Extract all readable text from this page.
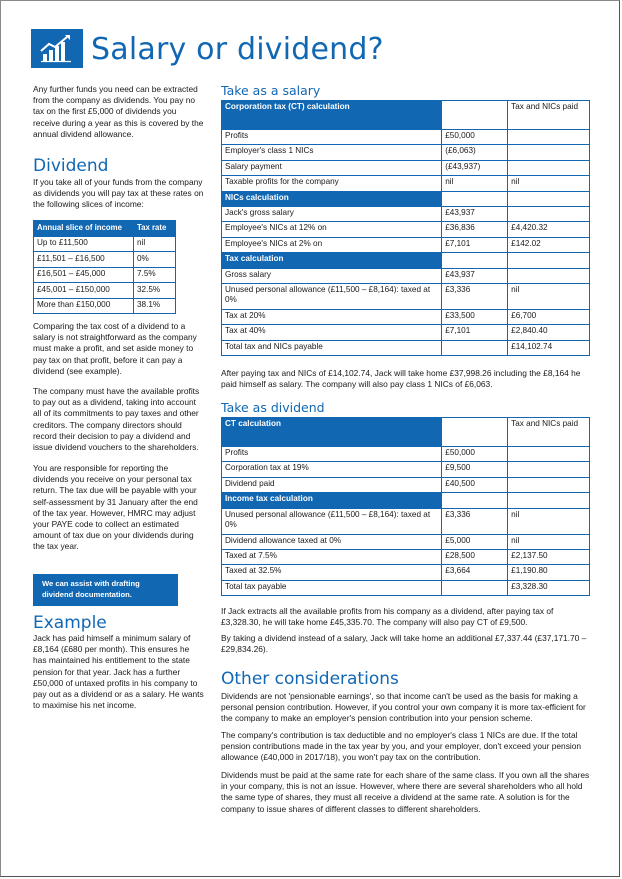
Salary or dividend?
Any further funds you need can be extracted from the company as dividends. You pay no tax on the first £5,000 of dividends you receive during a year as this is covered by the annual dividend allowance.
Dividend
If you take all of your funds from the company as dividends you will pay tax at these rates on the following slices of income:
Annual slice of income	Tax rate
Up to £11,500	nil
£11,501 – £16,500	0%
£16,501 – £45,000	7.5%
£45,001 – £150,000	32.5%
More than £150,000	38.1%
Comparing the tax cost of a dividend to a salary is not straightforward as the company must make a profit, and set aside money to pay tax on that profit, before it can pay a dividend (see example).
The company must have the available profits to pay out as a dividend, taking into account all of its commitments to pay taxes and other creditors. The company directors should record their decision to pay a dividend and issue dividend vouchers to the shareholders.
You are responsible for reporting the dividends you receive on your personal tax return. The tax due will be payable with your self-assessment by 31 January after the end of the tax year. However, HMRC may adjust your PAYE code to collect an estimated amount of tax due on your dividends during the tax year.
We can assist with drafting dividend documentation.
Example
Jack has paid himself a minimum salary of £8,164 (£680 per month). This ensures he has maintained his entitlement to the state pension for that year. Jack has a further £50,000 of untaxed profits in his company to pay out as a dividend or as a salary. He wants to maximise his net income.
Take as a salary
Corporation tax (CT) calculation		Tax and NICs paid
Profits	£50,000	
Employer's class 1 NICs	(£6,063)	
Salary payment	(£43,937)	
Taxable profits for the company	nil	nil
NICs calculation		
Jack's gross salary	£43,937	
Employee's NICs at 12% on	£36,836	£4,420.32
Employee's NICs at 2% on	£7,101	£142.02
Tax calculation		
Gross salary	£43,937	
Unused personal allowance (£11,500 – £8,164): taxed at 0%	£3,336	nil
Tax at 20%	£33,500	£6,700
Tax at 40%	£7,101	£2,840.40
Total tax and NICs payable		£14,102.74
After paying tax and NICs of £14,102.74, Jack will take home £37,998.26 including the £8,164 he paid himself as salary. The company will also pay class 1 NICs of £6,063.
Take as dividend
CT calculation		Tax and NICs paid
Profits	£50,000	
Corporation tax at 19%	£9,500	
Dividend paid	£40,500	
Income tax calculation		
Unused personal allowance (£11,500 – £8,164): taxed at 0%	£3,336	nil
Dividend allowance taxed at 0%	£5,000	nil
Taxed at 7.5%	£28,500	£2,137.50
Taxed at 32.5%	£3,664	£1,190.80
Total tax payable		£3,328.30
If Jack extracts all the available profits from his company as a dividend, after paying tax of £3,328.30, he will take home £45,335.70. The company will also pay CT of £9,500.
By taking a dividend instead of a salary, Jack will take home an additional £7,337.44 (£37,171.70 – £29,834.26).
Other considerations
Dividends are not 'pensionable earnings', so that income can't be used as the basis for making a personal pension contribution. However, if you control your own company it is more tax-efficient for the company to make an employer's pension contribution into your pension scheme.
The company's contribution is tax deductible and no employer's class 1 NICs are due. If the total pension contributions made in the tax year by you, and your employer, don't exceed your pension allowance (£40,000 in 2017/18), you won't pay tax on the contribution.
Dividends must be paid at the same rate for each share of the same class. If you own all the shares in your company, this is not an issue. However, where there are several shareholders who all hold the same type of shares, they must all receive a dividend at the same rate. A solution is for the company to issue shares of different classes to different shareholders.
